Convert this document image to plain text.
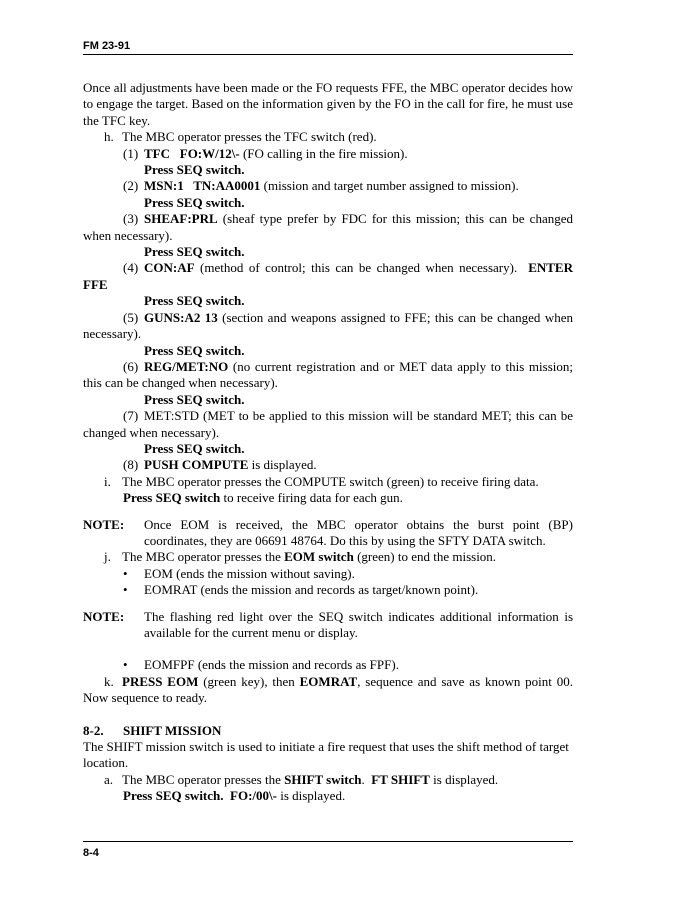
FM 23-91

Once all adjustments have been made or the FO requests FFE, the MBC operator decides how to engage the target. Based on the information given by the FO in the call for fire, he must use the TFC key.

h. The MBC operator presses the TFC switch (red).

(1) TFC   FO:W/12\- (FO calling in the fire mission).

Press SEQ switch.

(2) MSN:1   TN:AA0001 (mission and target number assigned to mission).

Press SEQ switch.

(3) SHEAF:PRL (sheaf type prefer by FDC for this mission; this can be changed when necessary).

Press SEQ switch.

(4) CON:AF (method of control; this can be changed when necessary).  ENTER FFE

Press SEQ switch.

(5) GUNS:A2 13 (section and weapons assigned to FFE; this can be changed when necessary).

Press SEQ switch.

(6) REG/MET:NO (no current registration and or MET data apply to this mission; this can be changed when necessary).

Press SEQ switch.

(7) MET:STD (MET to be applied to this mission will be standard MET; this can be changed when necessary).

Press SEQ switch.

(8) PUSH COMPUTE is displayed.

i. The MBC operator presses the COMPUTE switch (green) to receive firing data.

Press SEQ switch to receive firing data for each gun.

NOTE:	Once EOM is received, the MBC operator obtains the burst point (BP) coordinates, they are 06691 48764. Do this by using the SFTY DATA switch.

j. The MBC operator presses the EOM switch (green) to end the mission.

•	EOM (ends the mission without saving).
•	EOMRAT (ends the mission and records as target/known point).
NOTE:	The flashing red light over the SEQ switch indicates additional information is available for the current menu or display.
•	EOMFPF (ends the mission and records as FPF).

k. PRESS EOM (green key), then EOMRAT, sequence and save as known point 00. Now sequence to ready.

8-2.	SHIFT MISSION

The SHIFT mission switch is used to initiate a fire request that uses the shift method of target location.

a. The MBC operator presses the SHIFT switch.  FT SHIFT is displayed.

Press SEQ switch.  FO:/00\- is displayed.

8-4
